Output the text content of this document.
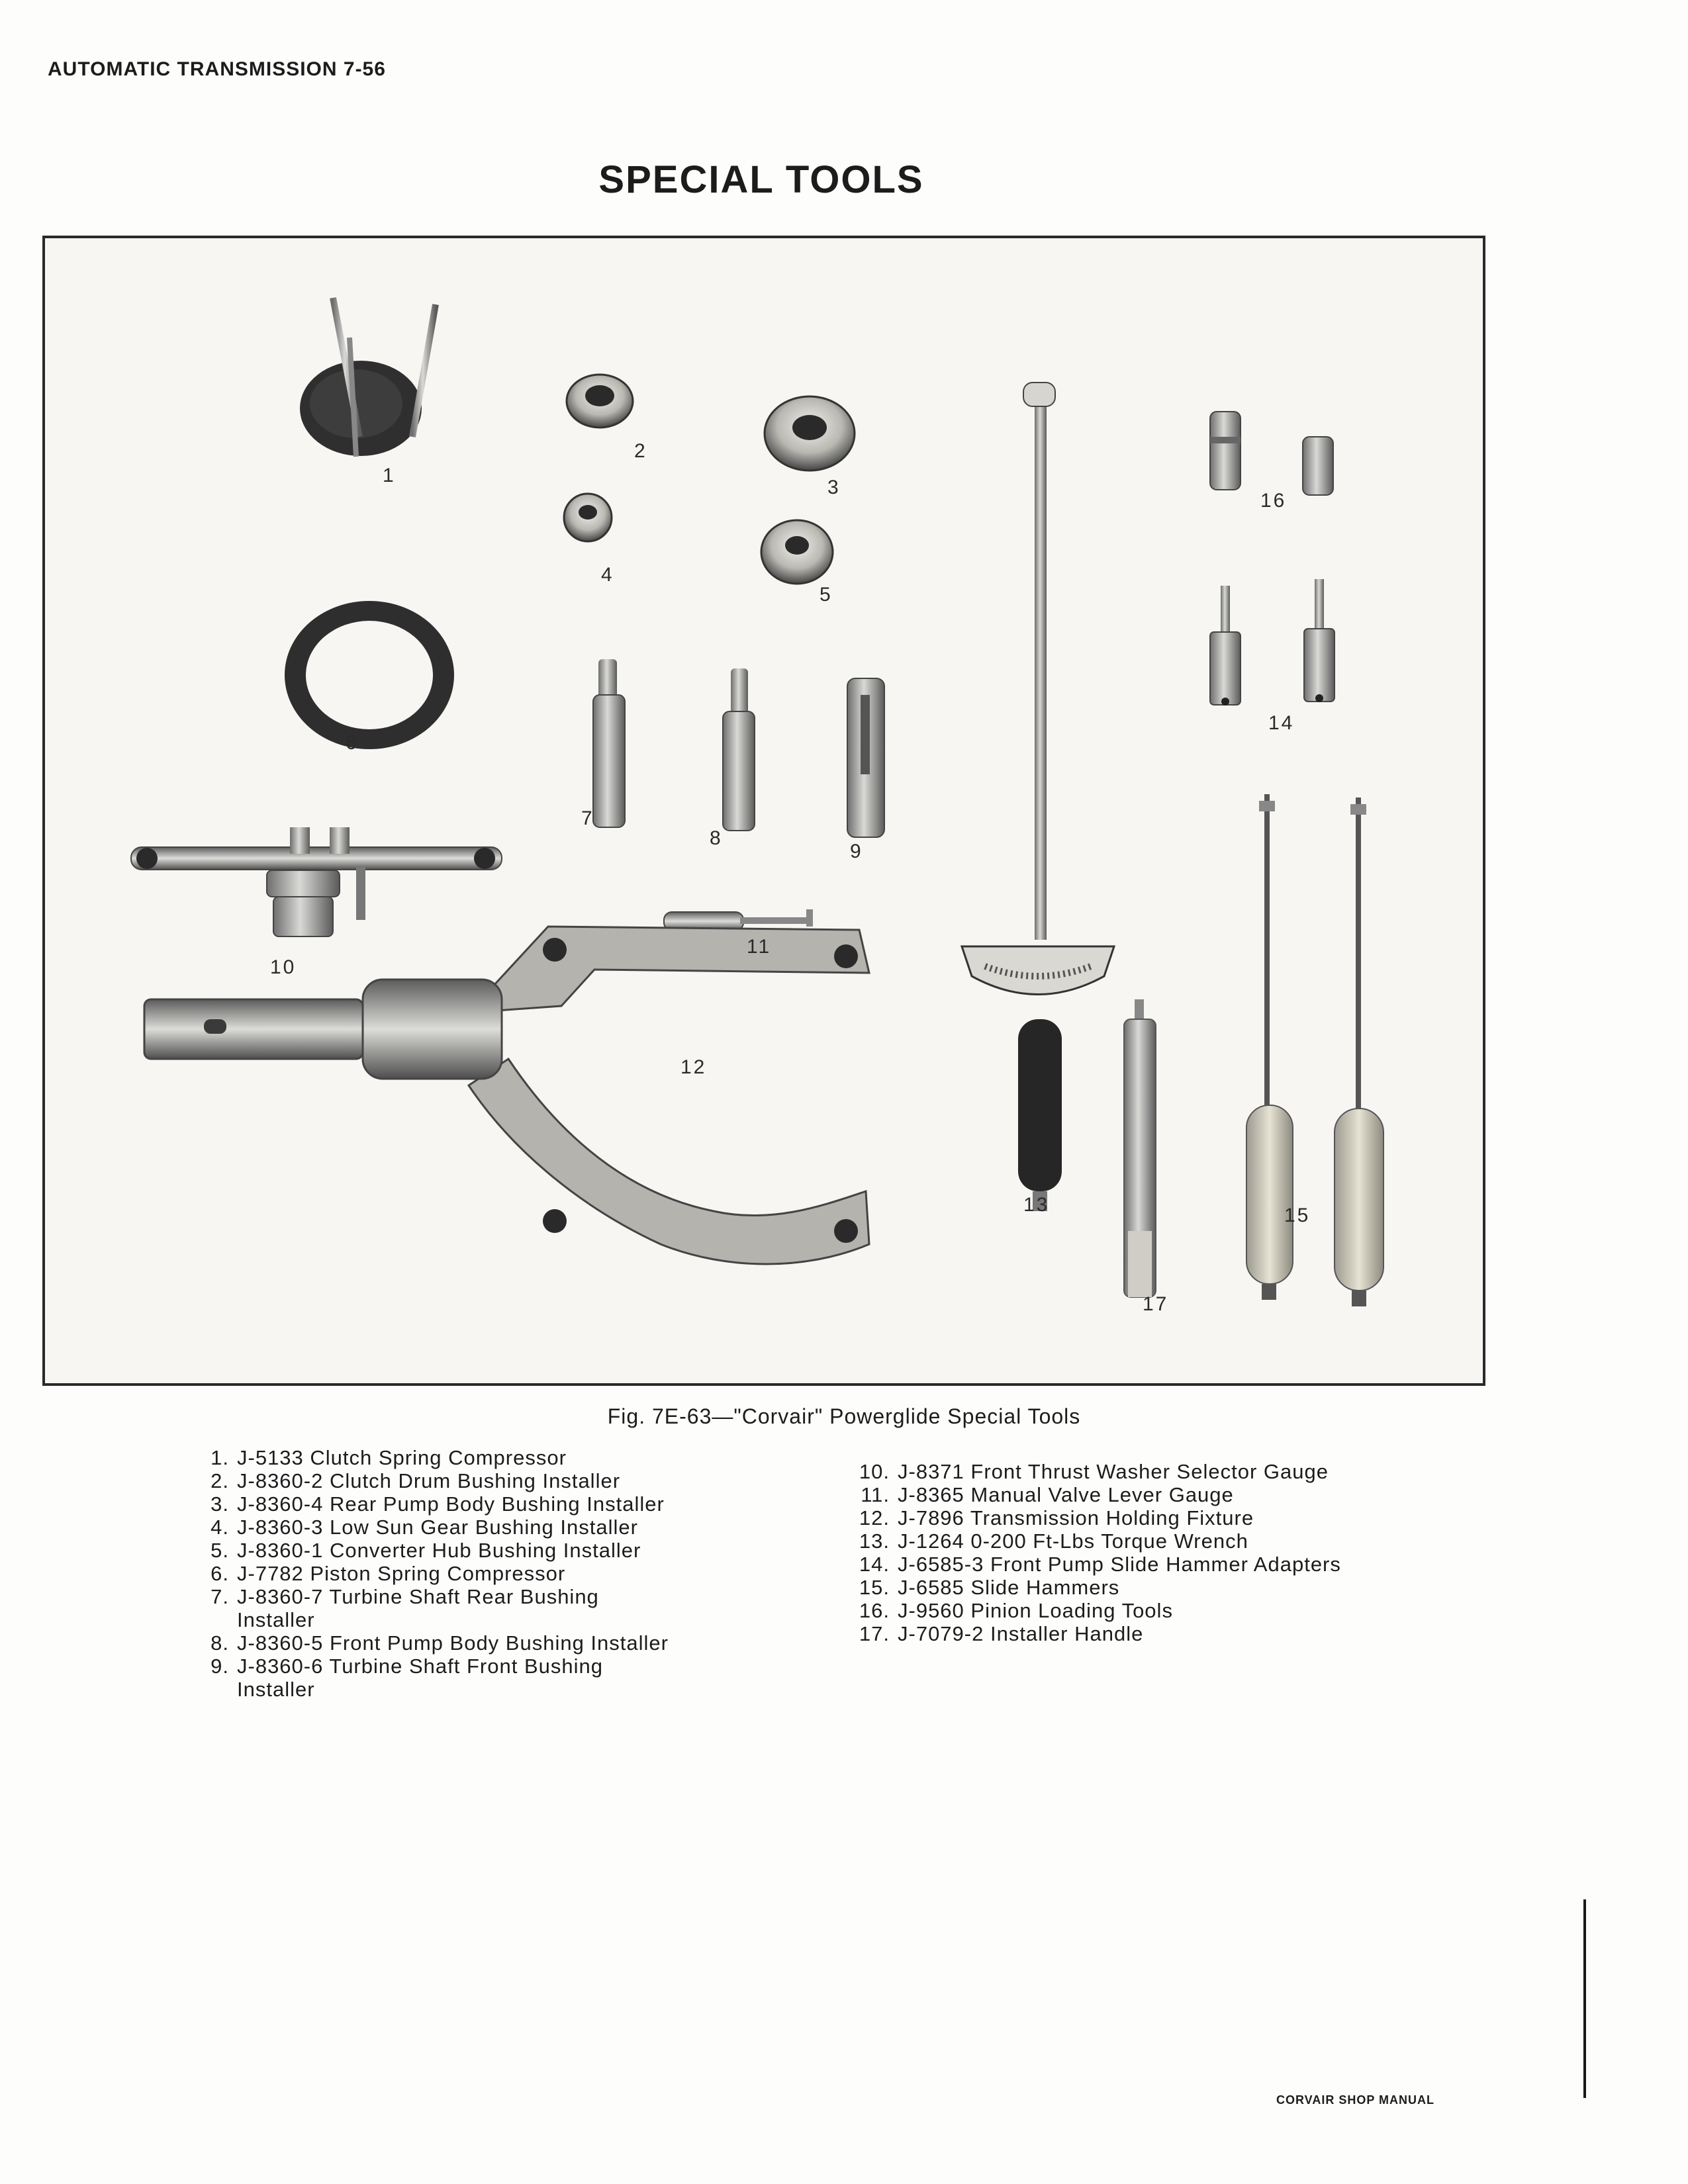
AUTOMATIC TRANSMISSION 7-56
SPECIAL TOOLS
1
2
3
4
5
6
7
8
9
10
11
12
13
14
15
16
17
Fig. 7E-63—"Corvair" Powerglide Special Tools
1. J-5133 Clutch Spring Compressor
2. J-8360-2 Clutch Drum Bushing Installer
3. J-8360-4 Rear Pump Body Bushing Installer
4. J-8360-3 Low Sun Gear Bushing Installer
5. J-8360-1 Converter Hub Bushing Installer
6. J-7782 Piston Spring Compressor
7. J-8360-7 Turbine Shaft Rear Bushing Installer
8. J-8360-5 Front Pump Body Bushing Installer
9. J-8360-6 Turbine Shaft Front Bushing Installer
10. J-8371 Front Thrust Washer Selector Gauge
11. J-8365 Manual Valve Lever Gauge
12. J-7896 Transmission Holding Fixture
13. J-1264 0-200 Ft-Lbs Torque Wrench
14. J-6585-3 Front Pump Slide Hammer Adapters
15. J-6585 Slide Hammers
16. J-9560 Pinion Loading Tools
17. J-7079-2 Installer Handle
CORVAIR SHOP MANUAL
